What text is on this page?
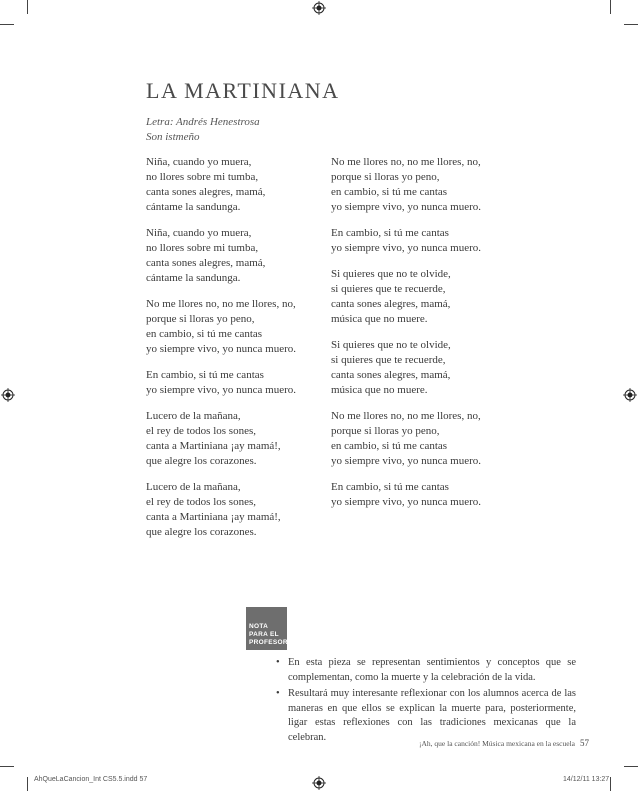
LA MARTINIANA
Letra: Andrés Henestrosa
Son istmeño
Niña, cuando yo muera,
no llores sobre mi tumba,
canta sones alegres, mamá,
cántame la sandunga.
Niña, cuando yo muera,
no llores sobre mi tumba,
canta sones alegres, mamá,
cántame la sandunga.
No me llores no, no me llores, no,
porque si lloras yo peno,
en cambio, si tú me cantas
yo siempre vivo, yo nunca muero.
En cambio, si tú me cantas
yo siempre vivo, yo nunca muero.
Lucero de la mañana,
el rey de todos los sones,
canta a Martiniana ¡ay mamá!,
que alegre los corazones.
Lucero de la mañana,
el rey de todos los sones,
canta a Martiniana ¡ay mamá!,
que alegre los corazones.
No me llores no, no me llores, no,
porque si lloras yo peno,
en cambio, si tú me cantas
yo siempre vivo, yo nunca muero.
En cambio, si tú me cantas
yo siempre vivo, yo nunca muero.
Si quieres que no te olvide,
si quieres que te recuerde,
canta sones alegres, mamá,
música que no muere.
Si quieres que no te olvide,
si quieres que te recuerde,
canta sones alegres, mamá,
música que no muere.
No me llores no, no me llores, no,
porque si lloras yo peno,
en cambio, si tú me cantas
yo siempre vivo, yo nunca muero.
En cambio, si tú me cantas
yo siempre vivo, yo nunca muero.
NOTA
PARA EL
PROFESOR
• En esta pieza se representan sentimientos y conceptos que se complementan, como la muerte y la celebración de la vida.
• Resultará muy interesante reflexionar con los alumnos acerca de las maneras en que ellos se explican la muerte para, posteriormente, ligar estas reflexiones con las tradiciones mexicanas que la celebran.
¡Ah, que la canción! Música mexicana en la escuela 57
AhQueLaCancion_Int CS5.5.indd 57	14/12/11 13:27
